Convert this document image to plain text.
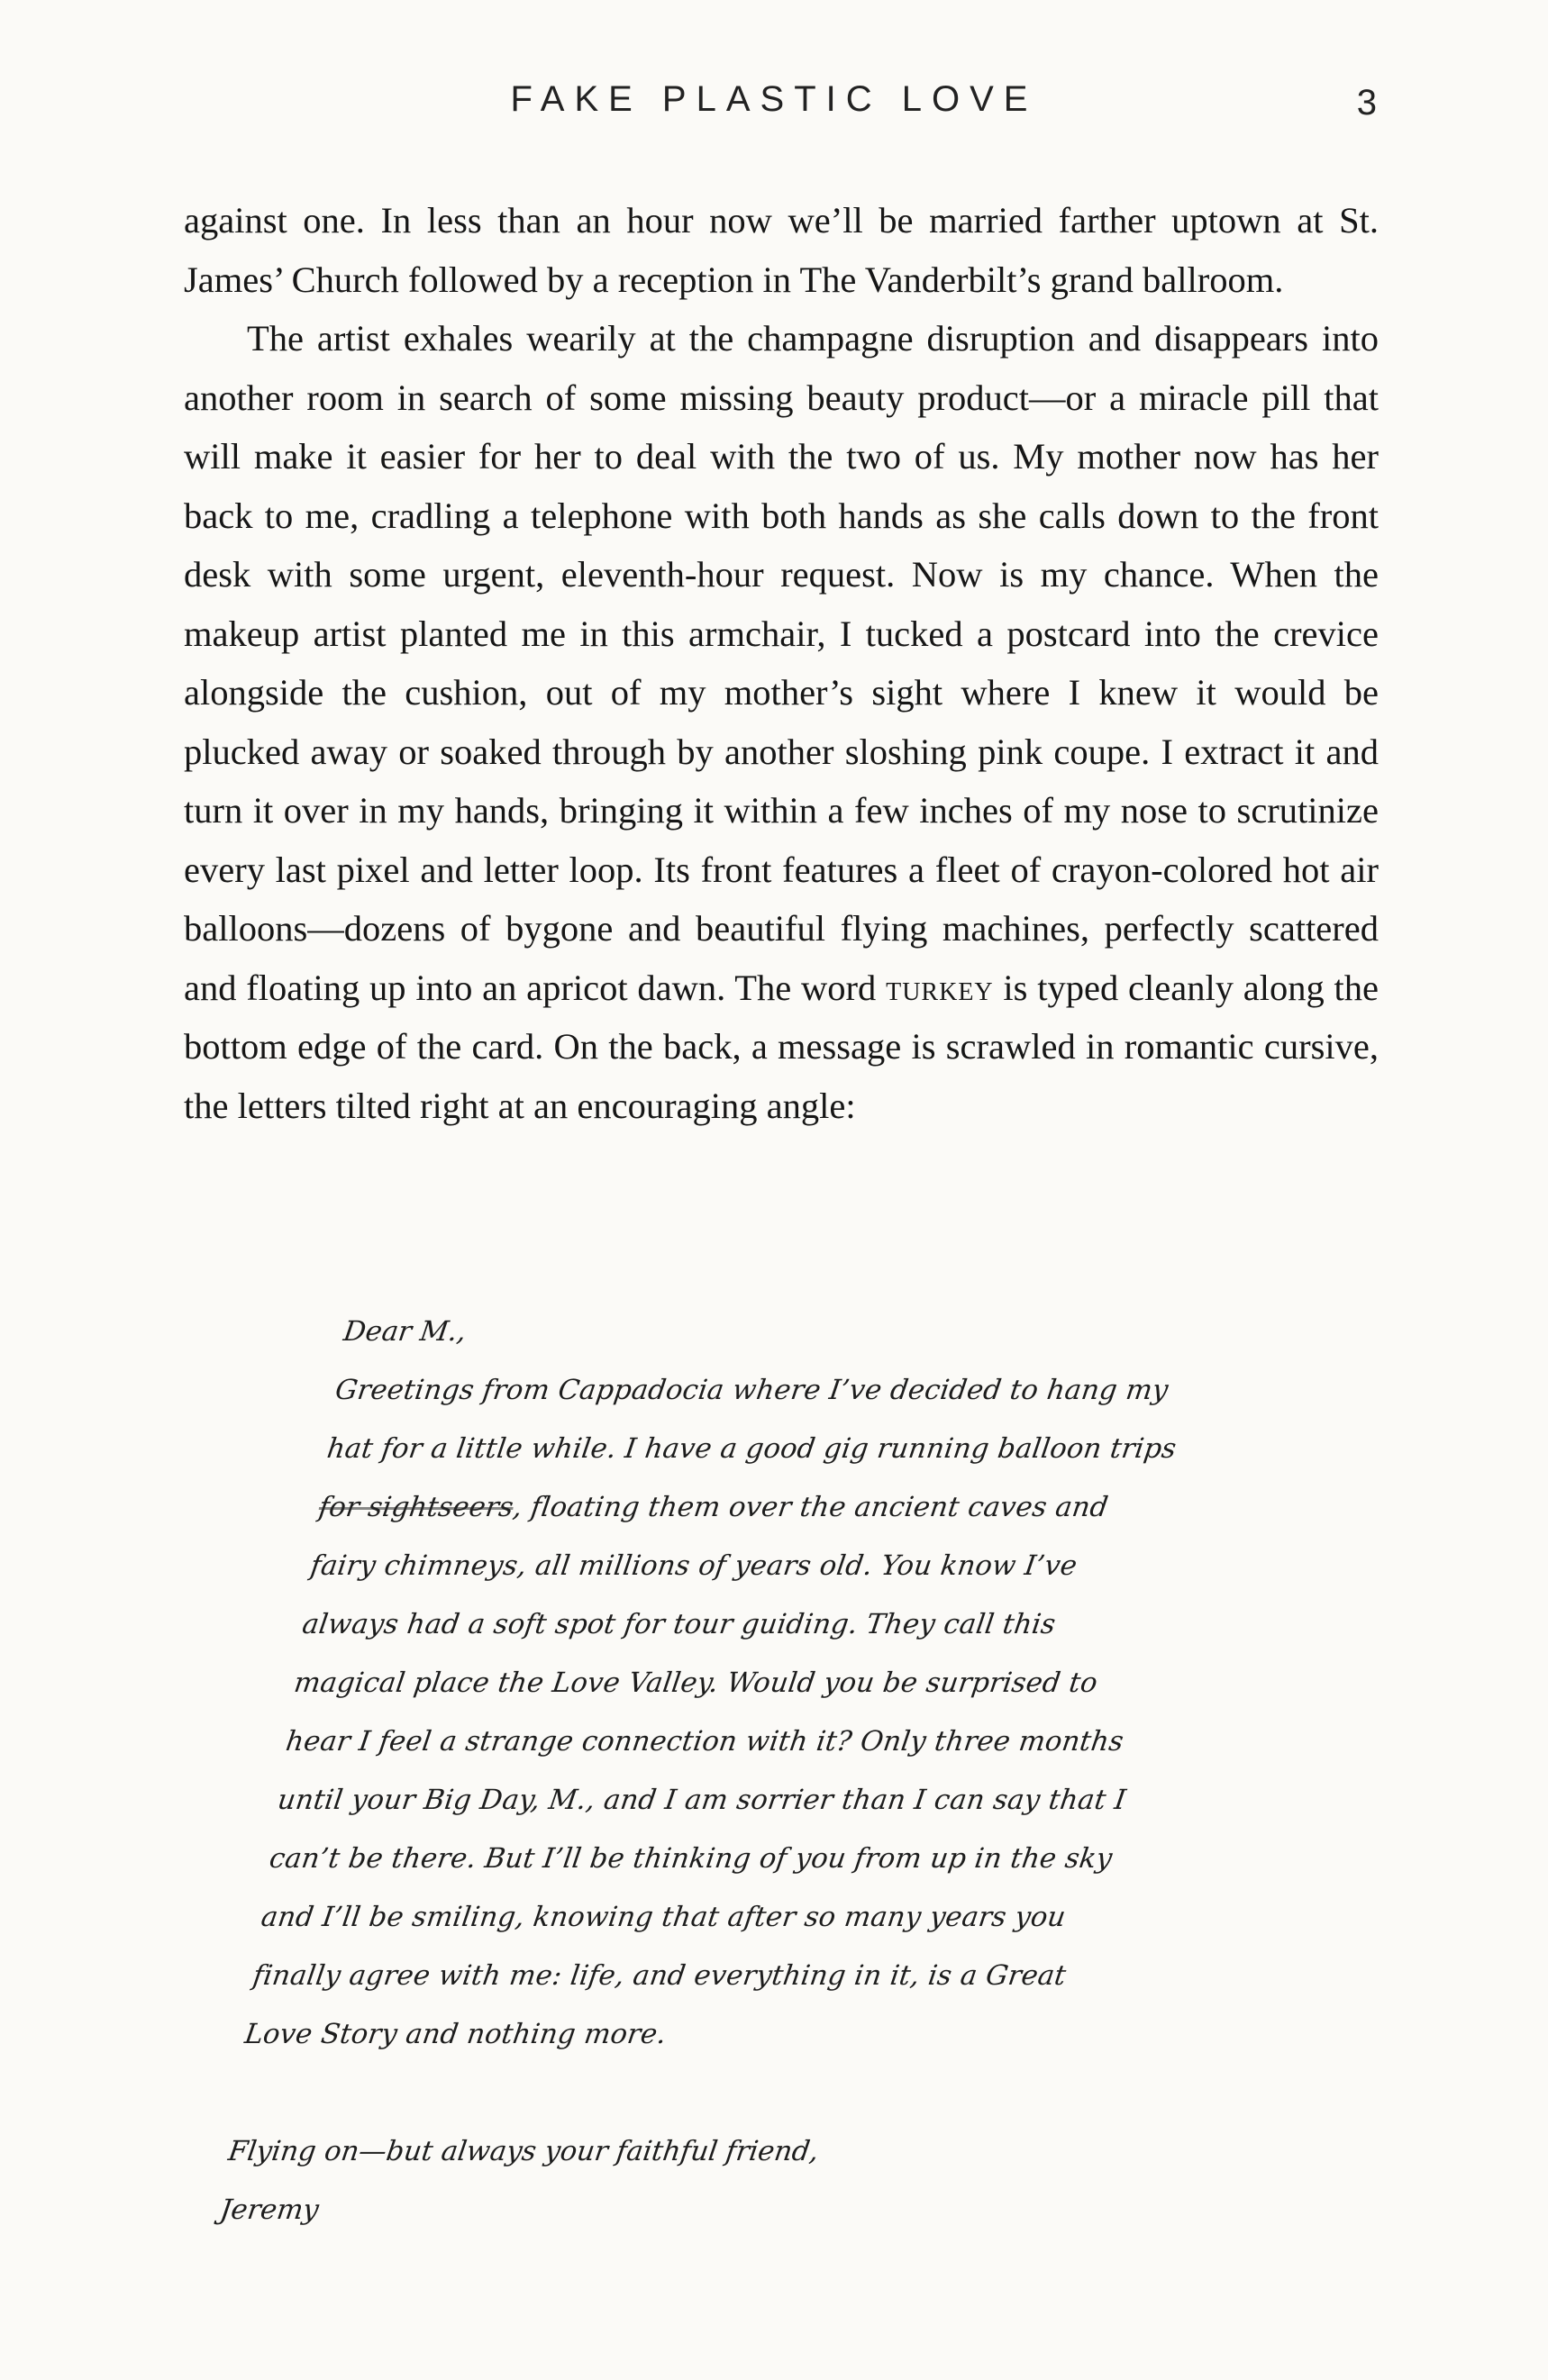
FAKE PLASTIC LOVE	3

against one. In less than an hour now we’ll be married farther uptown at St. James’ Church followed by a reception in The Vanderbilt’s grand ballroom.

The artist exhales wearily at the champagne disruption and disappears into another room in search of some missing beauty product—or a miracle pill that will make it easier for her to deal with the two of us. My mother now has her back to me, cradling a telephone with both hands as she calls down to the front desk with some urgent, eleventh-hour request. Now is my chance. When the makeup artist planted me in this armchair, I tucked a postcard into the crevice alongside the cushion, out of my mother’s sight where I knew it would be plucked away or soaked through by another sloshing pink coupe. I extract it and turn it over in my hands, bringing it within a few inches of my nose to scrutinize every last pixel and letter loop. Its front features a fleet of crayon-colored hot air balloons—dozens of bygone and beautiful flying machines, perfectly scattered and floating up into an apricot dawn. The word turkey is typed cleanly along the bottom edge of the card. On the back, a message is scrawled in romantic cursive, the letters tilted right at an encouraging angle:

Dear M.,

Greetings from Cappadocia where I’ve decided to hang my hat for a little while. I have a good gig running balloon trips for sightseers, floating them over the ancient caves and fairy chimneys, all millions of years old. You know I’ve always had a soft spot for tour guiding. They call this magical place the Love Valley. Would you be surprised to hear I feel a strange connection with it? Only three months until your Big Day, M., and I am sorrier than I can say that I can’t be there. But I’ll be thinking of you from up in the sky and I’ll be smiling, knowing that after so many years you finally agree with me: life, and everything in it, is a Great Love Story and nothing more.

Flying on—but always your faithful friend,

Jeremy
